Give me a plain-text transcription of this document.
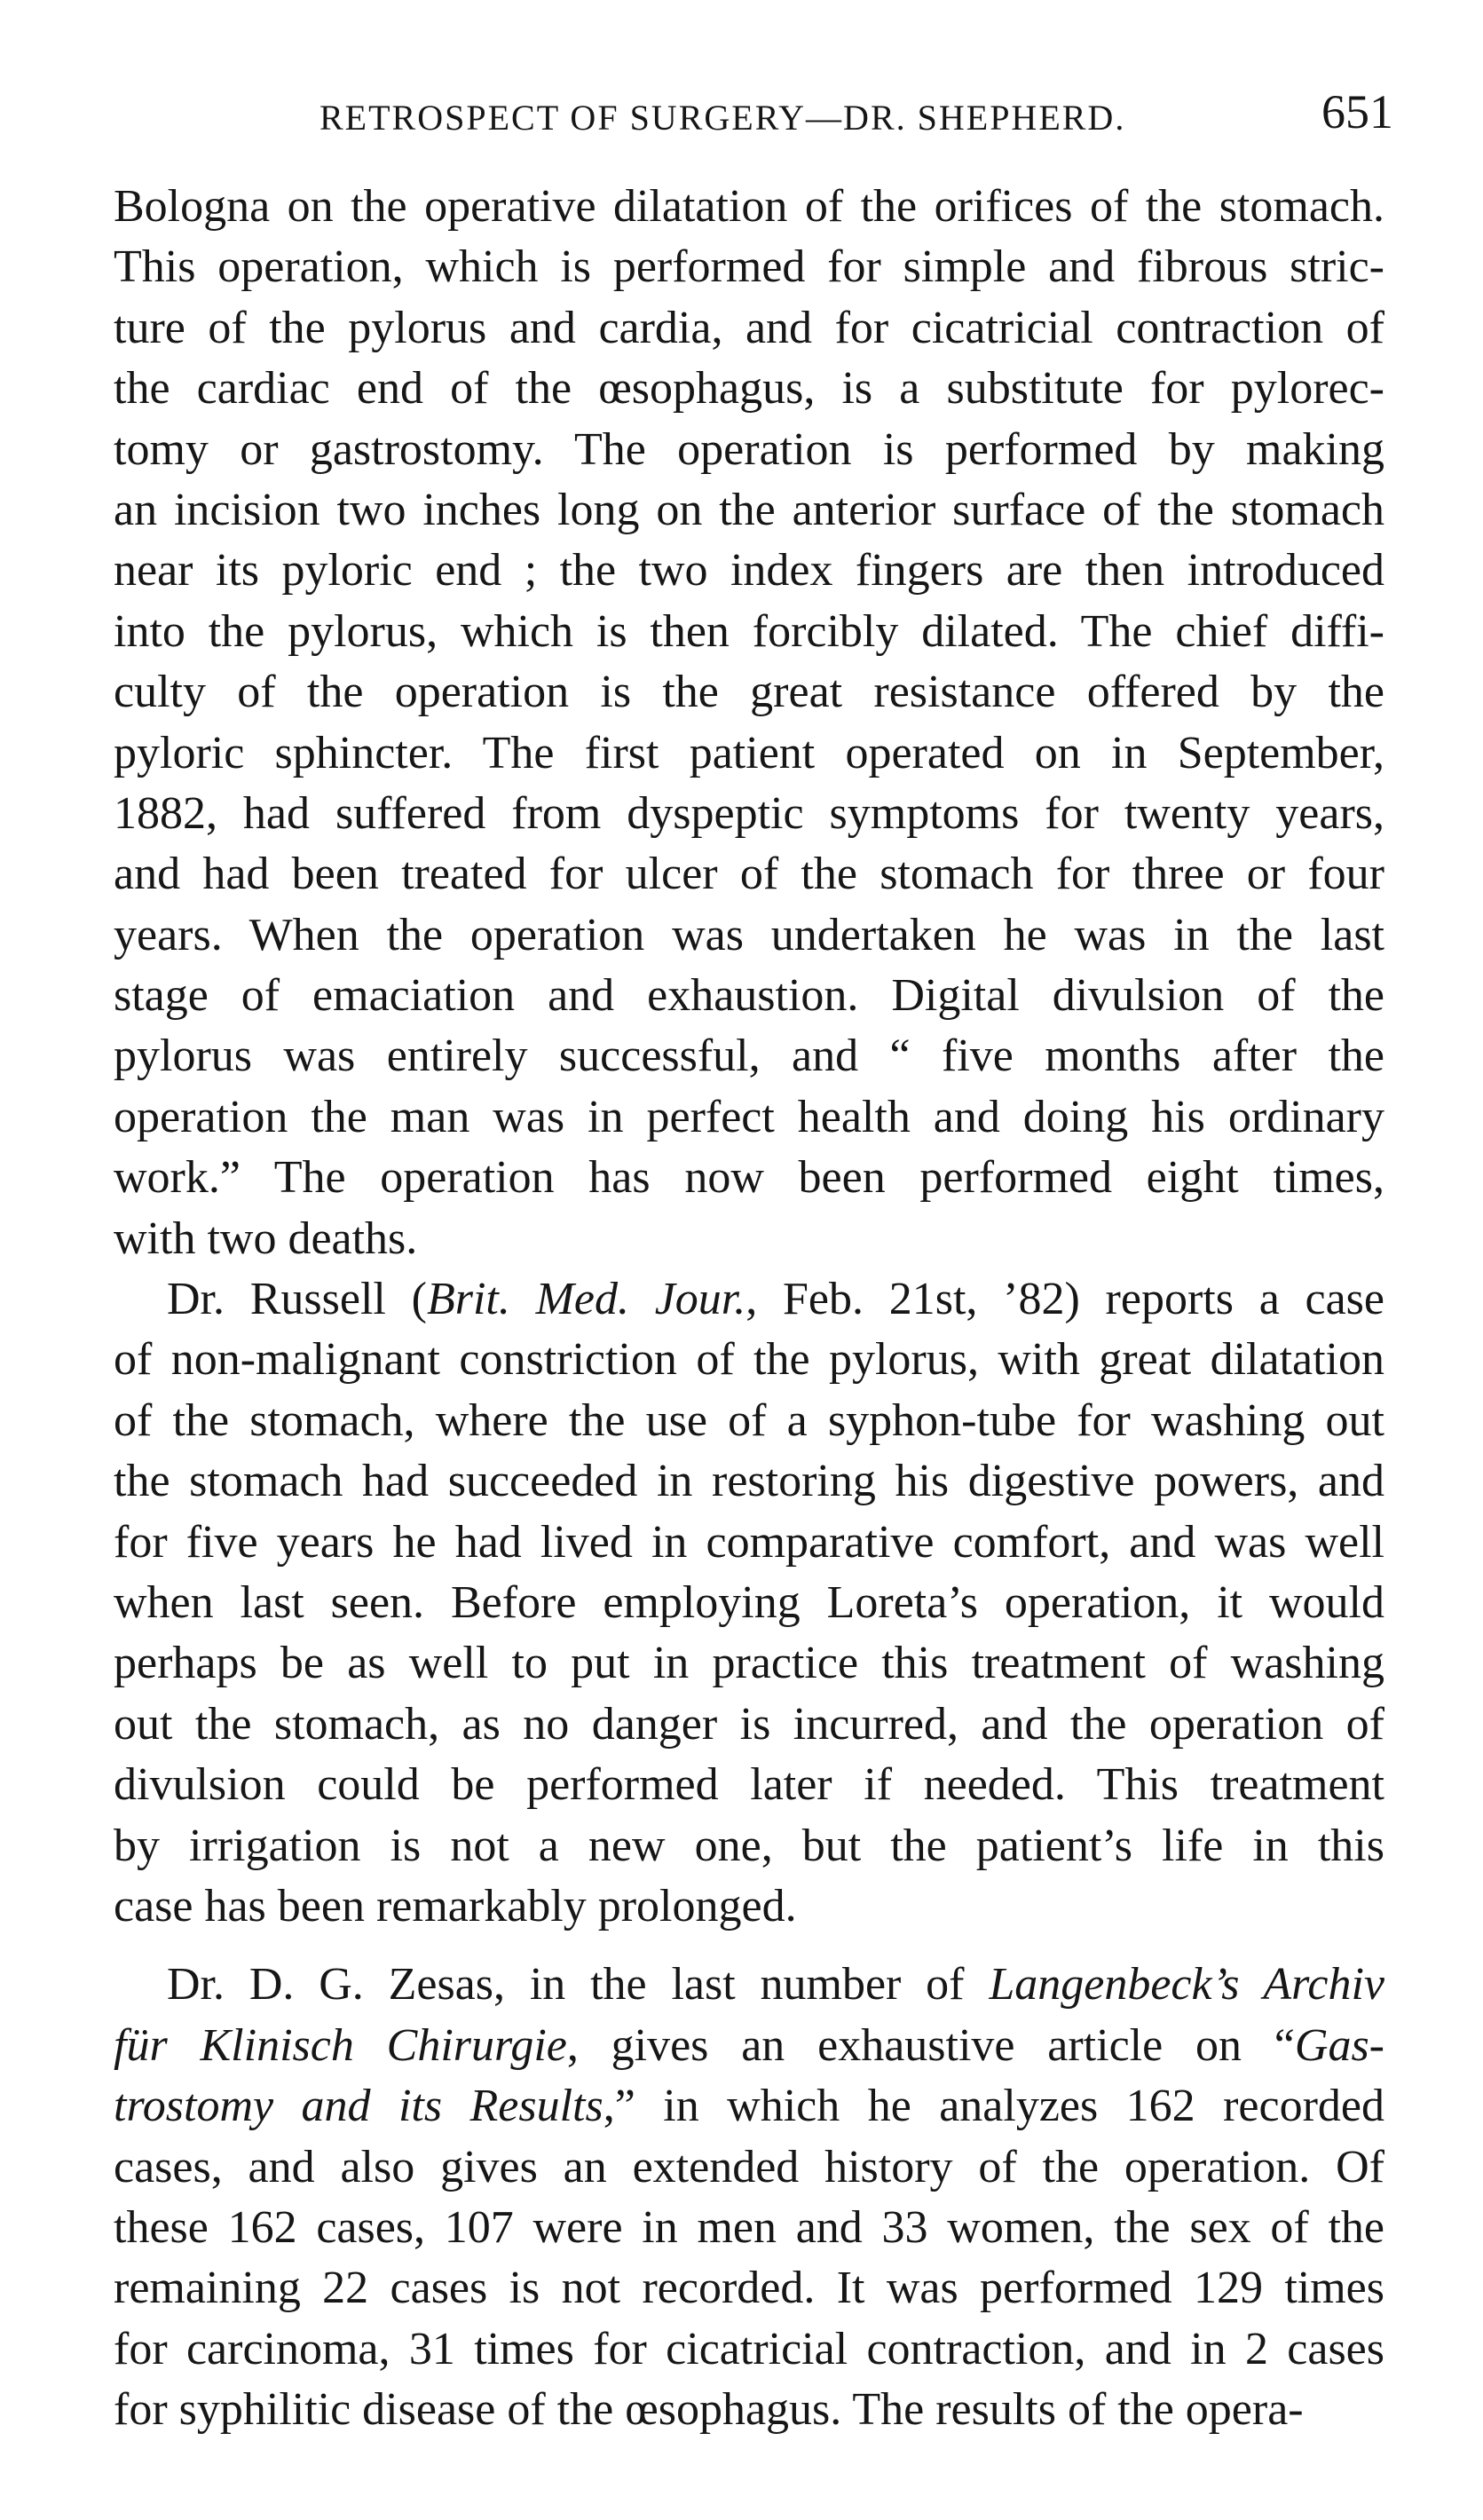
RETROSPECT OF SURGERY—DR. SHEPHERD.	651
Bologna on the operative dilatation of the orifices of the stomach.
This operation, which is performed for simple and fibrous stric-
ture of the pylorus and cardia, and for cicatricial contraction of
the cardiac end of the œsophagus, is a substitute for pylorec-
tomy or gastrostomy. The operation is performed by making
an incision two inches long on the anterior surface of the stomach
near its pyloric end ; the two index fingers are then introduced
into the pylorus, which is then forcibly dilated. The chief diffi-
culty of the operation is the great resistance offered by the
pyloric sphincter. The first patient operated on in September,
1882, had suffered from dyspeptic symptoms for twenty years,
and had been treated for ulcer of the stomach for three or four
years. When the operation was undertaken he was in the last
stage of emaciation and exhaustion. Digital divulsion of the
pylorus was entirely successful, and “ five months after the
operation the man was in perfect health and doing his ordinary
work.” The operation has now been performed eight times,
with two deaths.
Dr. Russell (Brit. Med. Jour., Feb. 21st, ’82) reports a case
of non-malignant constriction of the pylorus, with great dilatation
of the stomach, where the use of a syphon-tube for washing out
the stomach had succeeded in restoring his digestive powers, and
for five years he had lived in comparative comfort, and was well
when last seen. Before employing Loreta’s operation, it would
perhaps be as well to put in practice this treatment of washing
out the stomach, as no danger is incurred, and the operation of
divulsion could be performed later if needed. This treatment
by irrigation is not a new one, but the patient’s life in this
case has been remarkably prolonged.
Dr. D. G. Zesas, in the last number of Langenbeck’s Archiv
für Klinisch Chirurgie, gives an exhaustive article on “Gas-
trostomy and its Results,” in which he analyzes 162 recorded
cases, and also gives an extended history of the operation. Of
these 162 cases, 107 were in men and 33 women, the sex of the
remaining 22 cases is not recorded. It was performed 129 times
for carcinoma, 31 times for cicatricial contraction, and in 2 cases
for syphilitic disease of the œsophagus. The results of the opera-
